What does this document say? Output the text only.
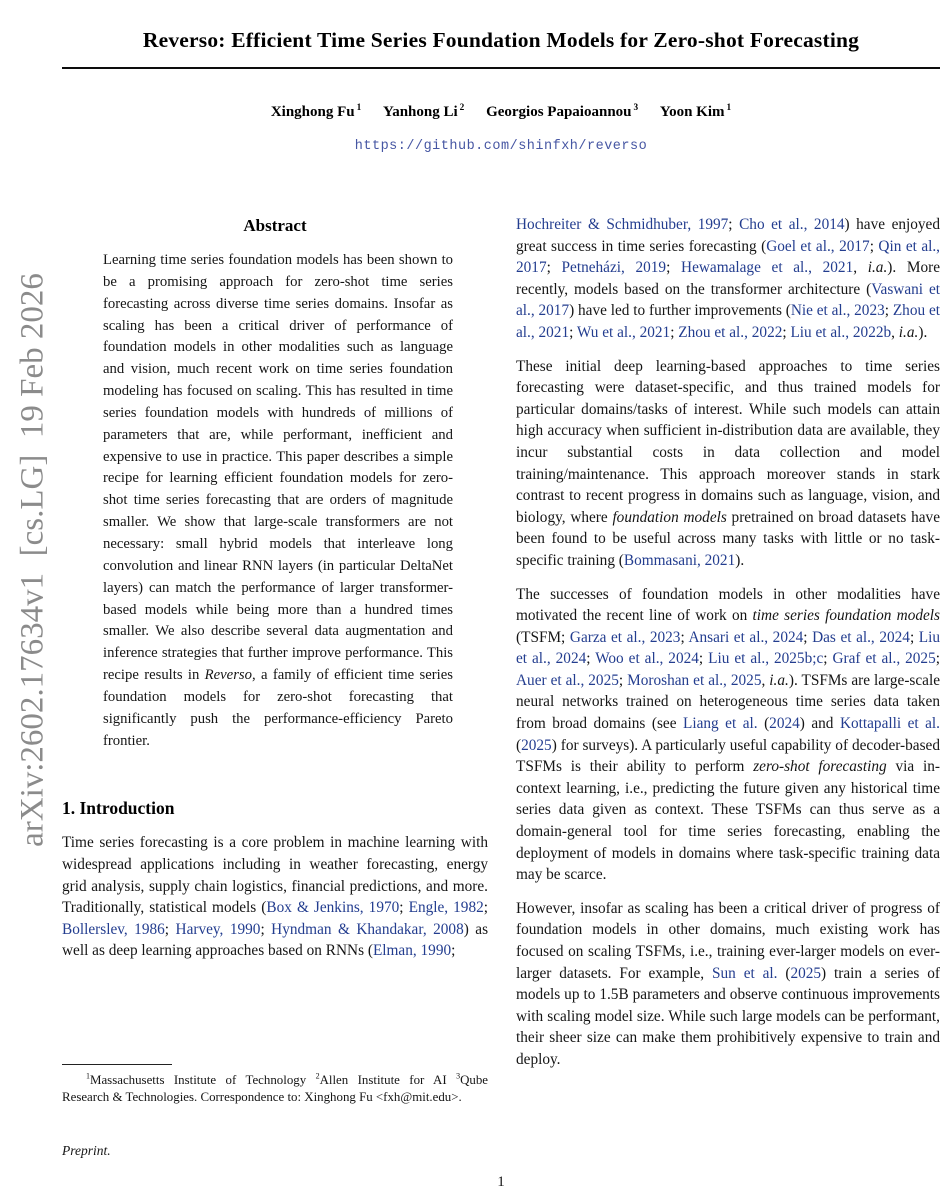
arXiv:2602.17634v1  [cs.LG]  19 Feb 2026
Reverso: Efficient Time Series Foundation Models for Zero-shot Forecasting
Xinghong Fu $^1$ Yanhong Li $^2$ Georgios Papaioannou $^3$ Yoon Kim $^1$
https://github.com/shinfxh/reverso
Abstract

Learning time series foundation models has been shown to be a promising approach for zero-shot time series forecasting across diverse time series domains. Insofar as scaling has been a critical driver of performance of foundation models in other modalities such as language and vision, much recent work on time series foundation modeling has focused on scaling. This has resulted in time series foundation models with hundreds of millions of parameters that are, while performant, inefficient and expensive to use in practice. This paper describes a simple recipe for learning efficient foundation models for zero-shot time series forecasting that are orders of magnitude smaller. We show that large-scale transformers are not necessary: small hybrid models that interleave long convolution and linear RNN layers (in particular DeltaNet layers) can match the performance of larger transformer-based models while being more than a hundred times smaller. We also describe several data augmentation and inference strategies that further improve performance. This recipe results in Reverso, a family of efficient time series foundation models for zero-shot forecasting that significantly push the performance-efficiency Pareto frontier.

1. Introduction

Time series forecasting is a core problem in machine learning with widespread applications including in weather forecasting, energy grid analysis, supply chain logistics, financial predictions, and more. Traditionally, statistical models (Box & Jenkins, 1970; Engle, 1982; Bollerslev, 1986; Harvey, 1990; Hyndman & Khandakar, 2008) as well as deep learning approaches based on RNNs (Elman, 1990;

Hochreiter & Schmidhuber, 1997; Cho et al., 2014) have enjoyed great success in time series forecasting (Goel et al., 2017; Qin et al., 2017; Petneházi, 2019; Hewamalage et al., 2021, i.a.). More recently, models based on the transformer architecture (Vaswani et al., 2017) have led to further improvements (Nie et al., 2023; Zhou et al., 2021; Wu et al., 2021; Zhou et al., 2022; Liu et al., 2022b, i.a.).

These initial deep learning-based approaches to time series forecasting were dataset-specific, and thus trained models for particular domains/tasks of interest. While such models can attain high accuracy when sufficient in-distribution data are available, they incur substantial costs in data collection and model training/maintenance. This approach moreover stands in stark contrast to recent progress in domains such as language, vision, and biology, where foundation models pretrained on broad datasets have been found to be useful across many tasks with little or no task-specific training (Bommasani, 2021).

The successes of foundation models in other modalities have motivated the recent line of work on time series foundation models (TSFM; Garza et al., 2023; Ansari et al., 2024; Das et al., 2024; Liu et al., 2024; Woo et al., 2024; Liu et al., 2025b;c; Graf et al., 2025; Auer et al., 2025; Moroshan et al., 2025, i.a.). TSFMs are large-scale neural networks trained on heterogeneous time series data taken from broad domains (see Liang et al. (2024) and Kottapalli et al. (2025) for surveys). A particularly useful capability of decoder-based TSFMs is their ability to perform zero-shot forecasting via in-context learning, i.e., predicting the future given any historical time series data given as context. These TSFMs can thus serve as a domain-general tool for time series forecasting, enabling the deployment of models in domains where task-specific training data may be scarce.

However, insofar as scaling has been a critical driver of progress of foundation models in other domains, much existing work has focused on scaling TSFMs, i.e., training ever-larger models on ever-larger datasets. For example, Sun et al. (2025) train a series of models up to 1.5B parameters and observe continuous improvements with scaling model size. While such large models can be performant, their sheer size can make them prohibitively expensive to train and deploy.

$^1$Massachusetts Institute of Technology $^2$Allen Institute for AI $^3$Qube Research & Technologies. Correspondence to: Xinghong Fu <fxh@mit.edu>.

Preprint.
1
